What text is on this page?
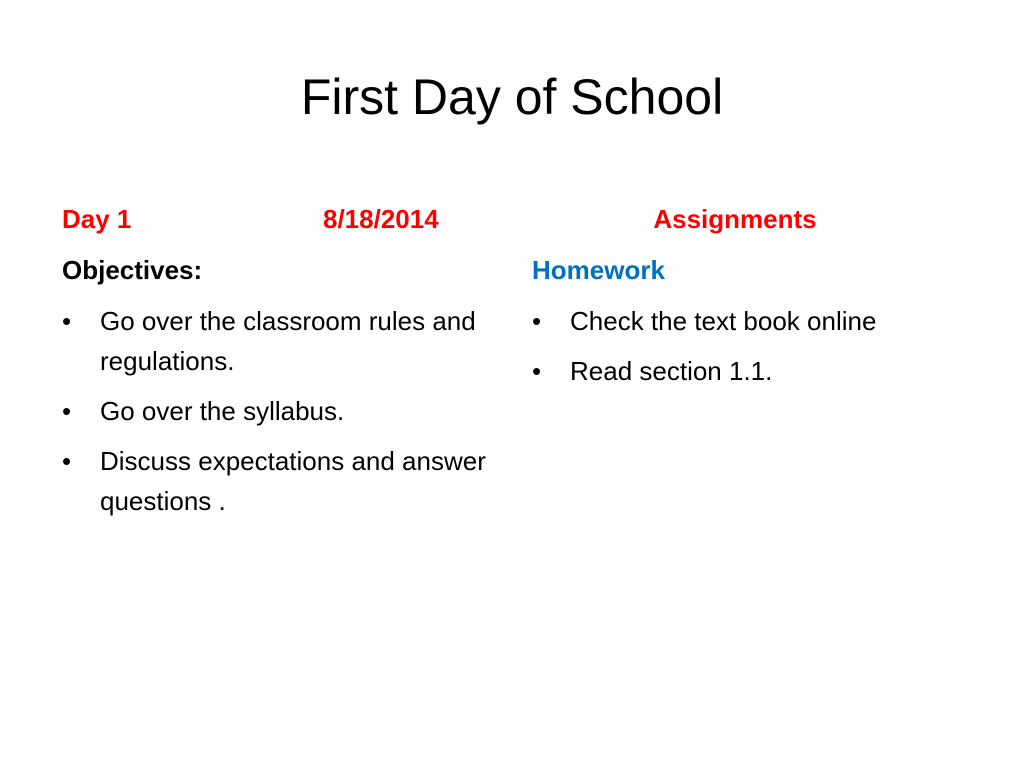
First Day of School
Day 1	8/18/2014	Assignments
Objectives:	Homework
• Go over the classroom rules and regulations.
• Go over the syllabus.
• Discuss expectations and answer questions .
• Check the text book online
• Read section 1.1.
